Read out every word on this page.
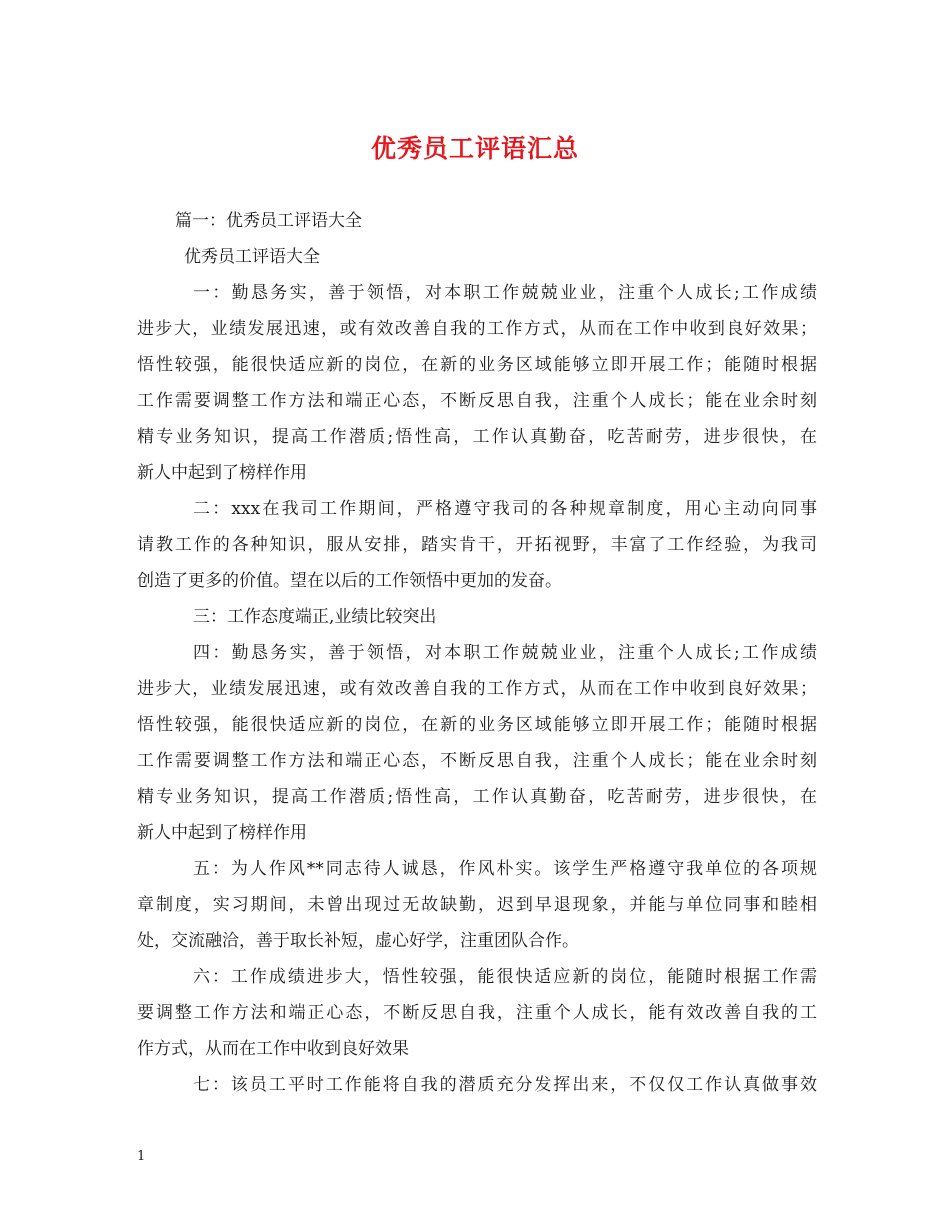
优秀员工评语汇总
篇一：优秀员工评语大全
优秀员工评语大全
一：勤恳务实，善于领悟，对本职工作兢兢业业，注重个人成长;工作成绩
进步大，业绩发展迅速，或有效改善自我的工作方式，从而在工作中收到良好效果；
悟性较强，能很快适应新的岗位，在新的业务区域能够立即开展工作；能随时根据
工作需要调整工作方法和端正心态，不断反思自我，注重个人成长；能在业余时刻
精专业务知识，提高工作潜质;悟性高，工作认真勤奋，吃苦耐劳，进步很快，在
新人中起到了榜样作用
二：xxx在我司工作期间，严格遵守我司的各种规章制度，用心主动向同事
请教工作的各种知识，服从安排，踏实肯干，开拓视野，丰富了工作经验，为我司
创造了更多的价值。望在以后的工作领悟中更加的发奋。
三：工作态度端正,业绩比较突出
四：勤恳务实，善于领悟，对本职工作兢兢业业，注重个人成长;工作成绩
进步大，业绩发展迅速，或有效改善自我的工作方式，从而在工作中收到良好效果；
悟性较强，能很快适应新的岗位，在新的业务区域能够立即开展工作；能随时根据
工作需要调整工作方法和端正心态，不断反思自我，注重个人成长；能在业余时刻
精专业务知识，提高工作潜质;悟性高，工作认真勤奋，吃苦耐劳，进步很快，在
新人中起到了榜样作用
五：为人作风**同志待人诚恳，作风朴实。该学生严格遵守我单位的各项规
章制度，实习期间，未曾出现过无故缺勤，迟到早退现象，并能与单位同事和睦相
处，交流融洽，善于取长补短，虚心好学，注重团队合作。
六：工作成绩进步大，悟性较强，能很快适应新的岗位，能随时根据工作需
要调整工作方法和端正心态，不断反思自我，注重个人成长，能有效改善自我的工
作方式，从而在工作中收到良好效果
七：该员工平时工作能将自我的潜质充分发挥出来，不仅仅工作认真做事效
1
